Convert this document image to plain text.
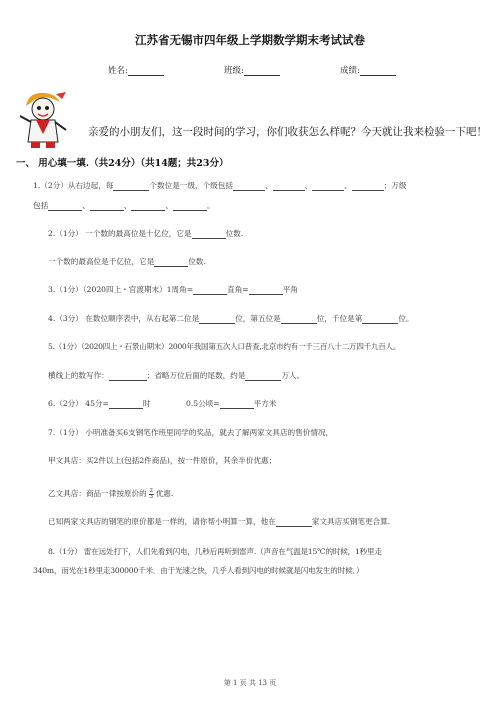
江苏省无锡市四年级上学期数学期末考试试卷
姓名:	班级:	成绩:
亲爱的小朋友们，这一段时间的学习，你们收获怎么样呢？今天就让我来检验一下吧！
一、 用心填一填.（共24分）（共14题；共23分）
1.（2分）从右边起，每	个数位是一级，个级包括	、	、	、	；万级
包括	、	、	、	。
2.（1分） 一个数的最高位是十亿位，它是	位数.
一个数的最高位是千亿位，它是	位数.
3.（1分）（2020四上・官渡期末）1周角=	直角=	平角
4.（3分） 在数位顺序表中，从右起第二位是	位，第五位是	位，千位是第	位。
5.（1分）（2020四上・石景山期末）2000年我国第五次人口普查,北京市约有一千三百八十二万四千九百人。
横线上的数写作：	；省略万位后面的尾数，约是	万人。
6.（2分） 45分=	时	0.5公顷=	平方米
7.（1分） 小明准备买6支钢笔作班里同学的奖品，就去了解两家文具店的售价情况，
甲文具店：买2件以上(包括2件商品)，按一件原价，其余半价优惠；
乙文具店：商品一律按原价的 $\frac{2}{3}$ 优惠.
已知两家文具店的钢笔的原价都是一样的，请你帮小明算一算，他在	家文具店买钢笔更合算.
8.（1分） 雷在远处打下，人们先看到闪电，几秒后再听到雷声.（声音在气温是15℃的时候，1秒里走
340m，而光在1秒里走300000千米．由于光速之快，几乎人看到闪电的时候就是闪电发生的时候．）
第 1 页 共 13 页
